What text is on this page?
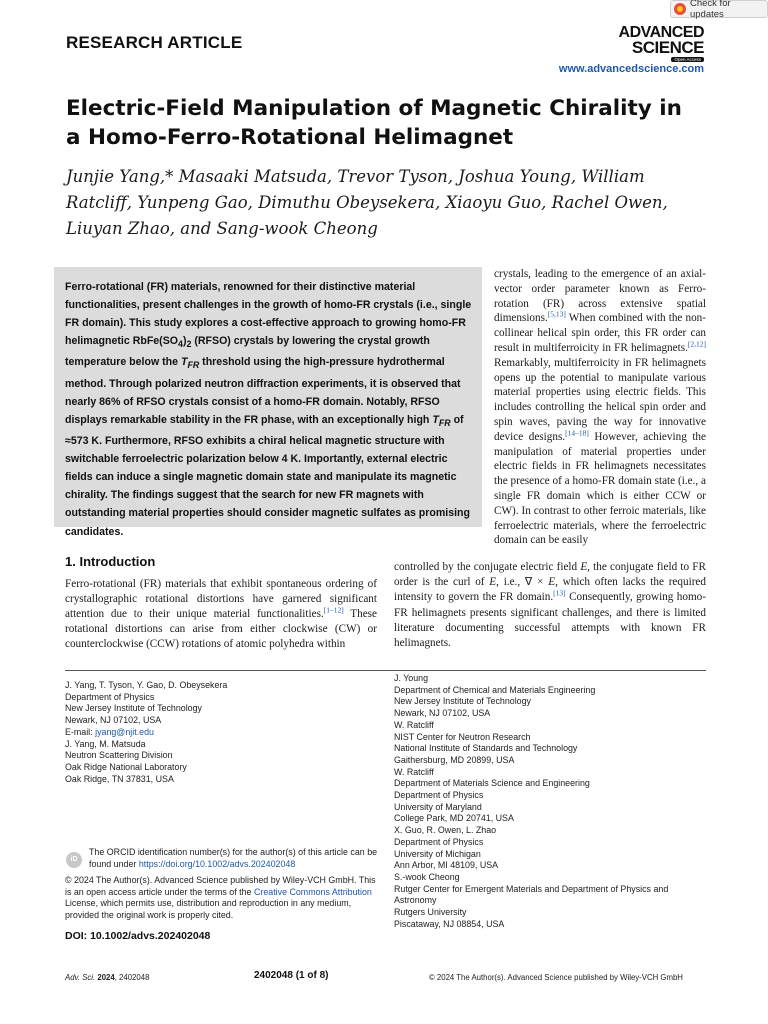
RESEARCH ARTICLE
Check for updates
ADVANCED
SCIENCE
Open Access
www.advancedscience.com
Electric-Field Manipulation of Magnetic Chirality in a Homo-Ferro-Rotational Helimagnet
Junjie Yang,* Masaaki Matsuda, Trevor Tyson, Joshua Young, William Ratcliff, Yunpeng Gao, Dimuthu Obeysekera, Xiaoyu Guo, Rachel Owen, Liuyan Zhao, and Sang-wook Cheong
Ferro-rotational (FR) materials, renowned for their distinctive material functionalities, present challenges in the growth of homo-FR crystals (i.e., single FR domain). This study explores a cost-effective approach to growing homo-FR helimagnetic $RbFe(SO_4)_2$ (RFSO) crystals by lowering the crystal growth temperature below the $T_{FR}$ threshold using the high-pressure hydrothermal method. Through polarized neutron diffraction experiments, it is observed that nearly 86% of RFSO crystals consist of a homo-FR domain. Notably, RFSO displays remarkable stability in the FR phase, with an exceptionally high $T_{FR}$ of ≈573 K. Furthermore, RFSO exhibits a chiral helical magnetic structure with switchable ferroelectric polarization below 4 K. Importantly, external electric fields can induce a single magnetic domain state and manipulate its magnetic chirality. The findings suggest that the search for new FR magnets with outstanding material properties should consider magnetic sulfates as promising candidates.
crystals, leading to the emergence of an axial-vector order parameter known as Ferro-rotation (FR) across extensive spatial dimensions.[5,13] When combined with the non-collinear helical spin order, this FR order can result in multiferroicity in FR helimagnets.[2,12] Remarkably, multiferroicity in FR helimagnets opens up the potential to manipulate various material properties using electric fields. This includes controlling the helical spin order and spin waves, paving the way for innovative device designs.[14–18] However, achieving the manipulation of material properties under electric fields in FR helimagnets necessitates the presence of a homo-FR domain state (i.e., a single FR domain which is either CCW or CW). In contrast to other ferroic materials, like ferroelectric materials, where the ferroelectric domain can be easily
1. Introduction
Ferro-rotational (FR) materials that exhibit spontaneous ordering of crystallographic rotational distortions have garnered significant attention due to their unique material functionalities.[1–12] These rotational distortions can arise from either clockwise (CW) or counterclockwise (CCW) rotations of atomic polyhedra within
controlled by the conjugate electric field E, the conjugate field to FR order is the curl of E, i.e., ∇ × E, which often lacks the required intensity to govern the FR domain.[13] Consequently, growing homo-FR helimagnets presents significant challenges, and there is limited literature documenting successful attempts with known FR helimagnets.
J. Yang, T. Tyson, Y. Gao, D. Obeysekera
Department of Physics
New Jersey Institute of Technology
Newark, NJ 07102, USA
E-mail: jyang@njit.edu
J. Yang, M. Matsuda
Neutron Scattering Division
Oak Ridge National Laboratory
Oak Ridge, TN 37831, USA
J. Young
Department of Chemical and Materials Engineering
New Jersey Institute of Technology
Newark, NJ 07102, USA
W. Ratcliff
NIST Center for Neutron Research
National Institute of Standards and Technology
Gaithersburg, MD 20899, USA
W. Ratcliff
Department of Materials Science and Engineering
Department of Physics
University of Maryland
College Park, MD 20741, USA
X. Guo, R. Owen, L. Zhao
Department of Physics
University of Michigan
Ann Arbor, MI 48109, USA
S.-wook Cheong
Rutger Center for Emergent Materials and Department of Physics and Astronomy
Rutgers University
Piscataway, NJ 08854, USA
iD
The ORCID identification number(s) for the author(s) of this article can be found under https://doi.org/10.1002/advs.202402048
© 2024 The Author(s). Advanced Science published by Wiley-VCH GmbH. This is an open access article under the terms of the Creative Commons Attribution License, which permits use, distribution and reproduction in any medium, provided the original work is properly cited.
DOI: 10.1002/advs.202402048
Adv. Sci. 2024, 2402048	2402048 (1 of 8)	© 2024 The Author(s). Advanced Science published by Wiley-VCH GmbH
